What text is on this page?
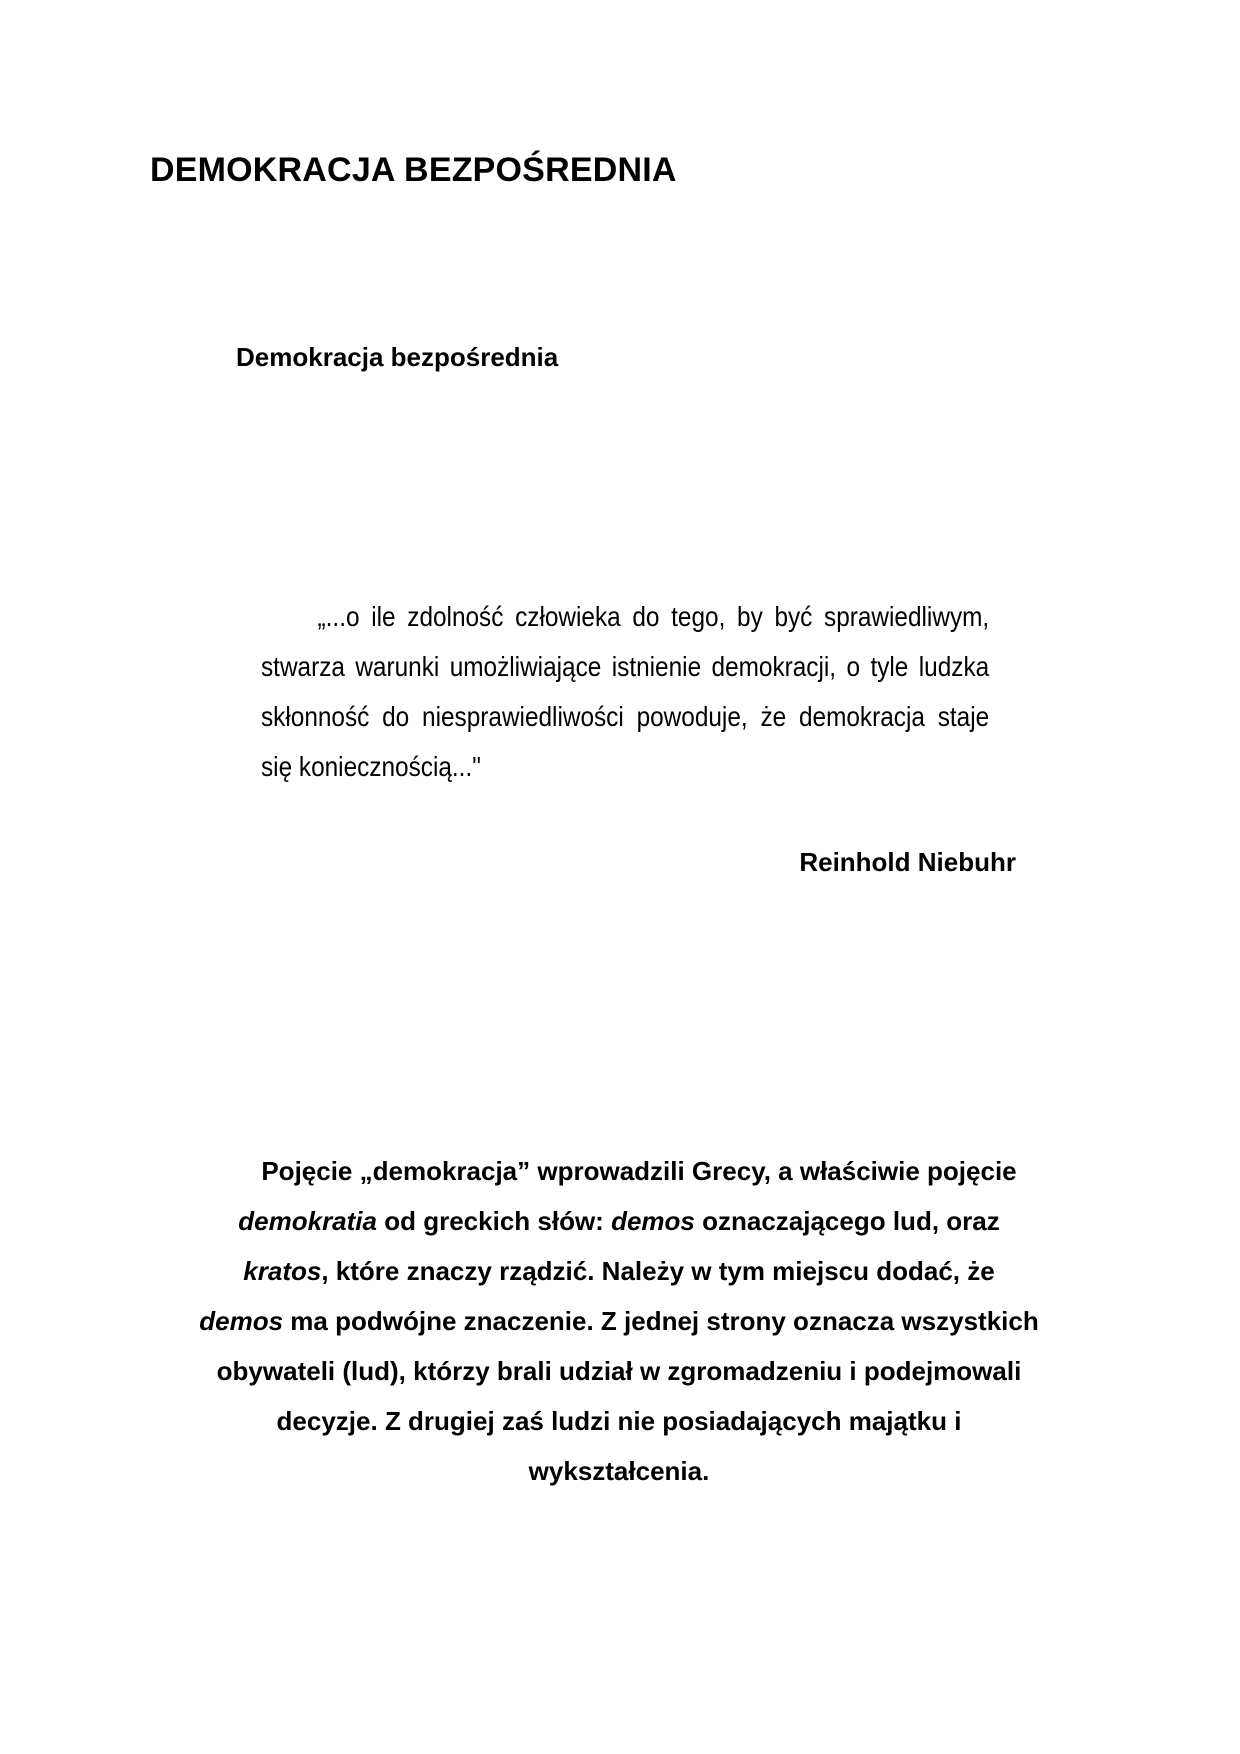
DEMOKRACJA BEZPOŚREDNIA
Demokracja bezpośrednia

„...o ile zdolność człowieka do tego, by być sprawiedliwym, stwarza warunki umożliwiające istnienie demokracji, o tyle ludzka skłonność do niesprawiedliwości powoduje, że demokracja staje się koniecznością..."

Reinhold Niebuhr

Pojęcie „demokracja” wprowadzili Grecy, a właściwie pojęcie
demokratia od greckich słów: demos oznaczającego lud, oraz
kratos, które znaczy rządzić. Należy w tym miejscu dodać, że
demos ma podwójne znaczenie. Z jednej strony oznacza wszystkich
obywateli (lud), którzy brali udział w zgromadzeniu i podejmowali
decyzje. Z drugiej zaś ludzi nie posiadających majątku i
wykształcenia.
